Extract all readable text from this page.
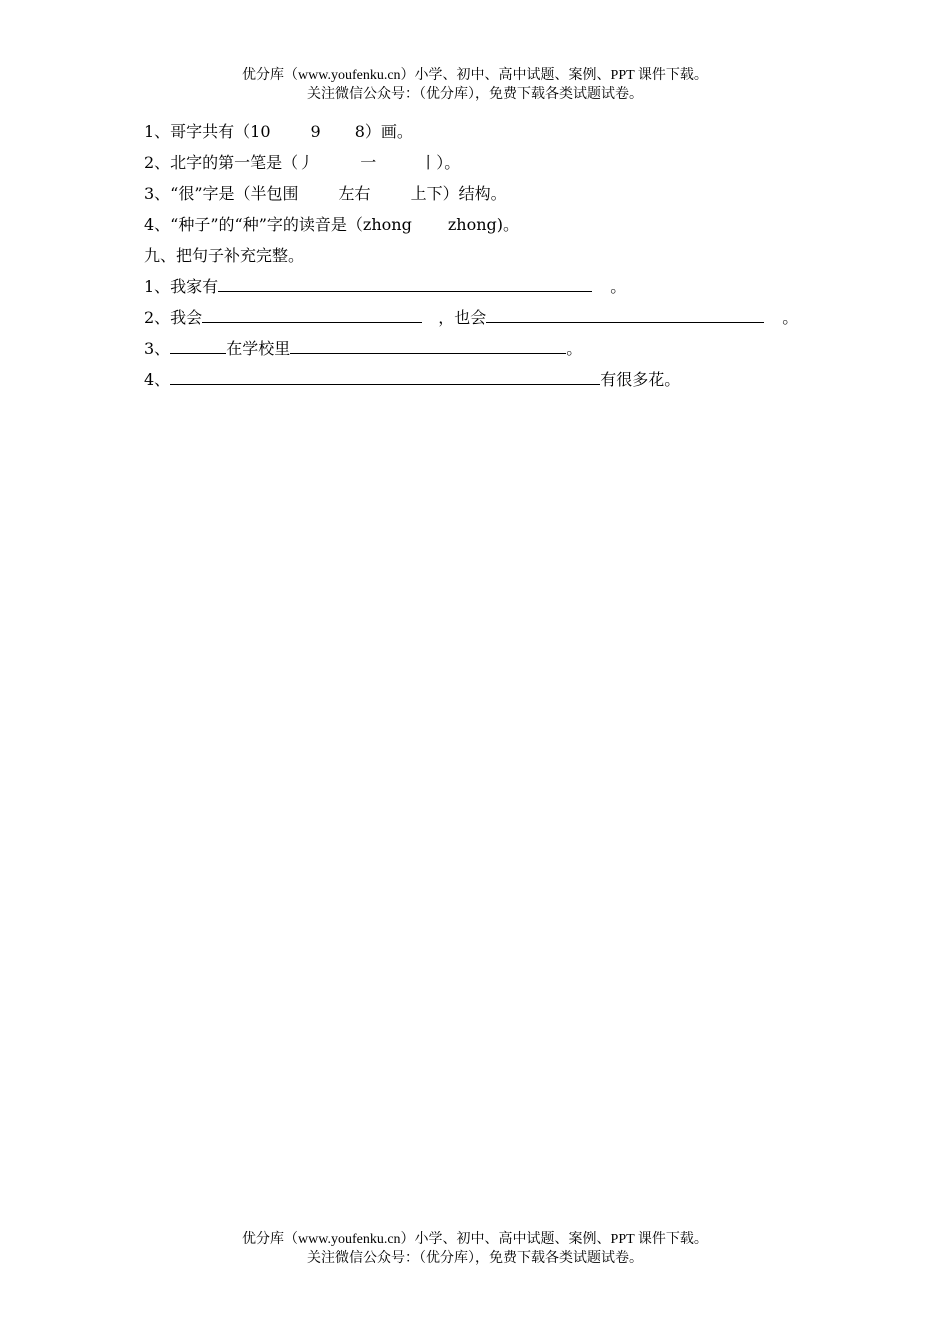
优分库（www.youfenku.cn）小学、初中、高中试题、案例、PPT 课件下载。
关注微信公众号：（优分库），免费下载各类试题试卷。
1、哥字共有（10	9 8）画。
2、北字的第一笔是（丿	一	丨）。
3、“很”字是（半包围	左右	上下）结构。
4、“种子”的“种”字的读音是（zhong zhong)。
九、把句子补充完整。
1、我家有	。
2、我会	，也会	。
3、	在学校里	。
4、	有很多花。
优分库（www.youfenku.cn）小学、初中、高中试题、案例、PPT 课件下载。
关注微信公众号：（优分库），免费下载各类试题试卷。
